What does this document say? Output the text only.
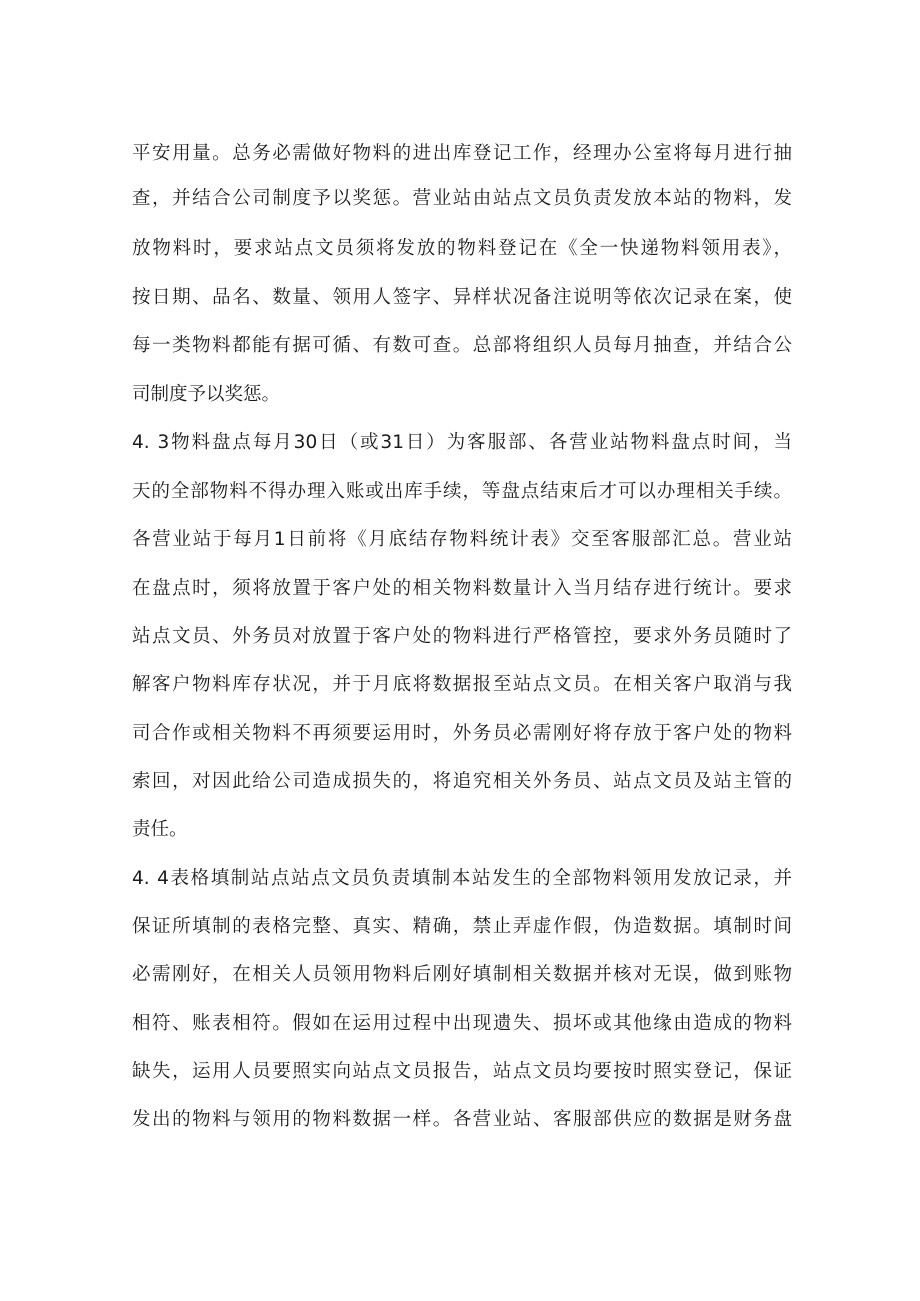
平安用量。总务必需做好物料的进出库登记工作，经理办公室将每月进行抽
查，并结合公司制度予以奖惩。营业站由站点文员负责发放本站的物料，发
放物料时，要求站点文员须将发放的物料登记在《全一快递物料领用表》，
按日期、品名、数量、领用人签字、异样状况备注说明等依次记录在案，使
每一类物料都能有据可循、有数可查。总部将组织人员每月抽查，并结合公
司制度予以奖惩。
4. 3物料盘点每月30日（或31日）为客服部、各营业站物料盘点时间，当
天的全部物料不得办理入账或出库手续，等盘点结束后才可以办理相关手续。
各营业站于每月1日前将《月底结存物料统计表》交至客服部汇总。营业站
在盘点时，须将放置于客户处的相关物料数量计入当月结存进行统计。要求
站点文员、外务员对放置于客户处的物料进行严格管控，要求外务员随时了
解客户物料库存状况，并于月底将数据报至站点文员。在相关客户取消与我
司合作或相关物料不再须要运用时，外务员必需刚好将存放于客户处的物料
索回，对因此给公司造成损失的，将追究相关外务员、站点文员及站主管的
责任。
4. 4表格填制站点站点文员负责填制本站发生的全部物料领用发放记录，并
保证所填制的表格完整、真实、精确，禁止弄虚作假，伪造数据。填制时间
必需刚好，在相关人员领用物料后刚好填制相关数据并核对无误，做到账物
相符、账表相符。假如在运用过程中出现遗失、损坏或其他缘由造成的物料
缺失，运用人员要照实向站点文员报告，站点文员均要按时照实登记，保证
发出的物料与领用的物料数据一样。各营业站、客服部供应的数据是财务盘
